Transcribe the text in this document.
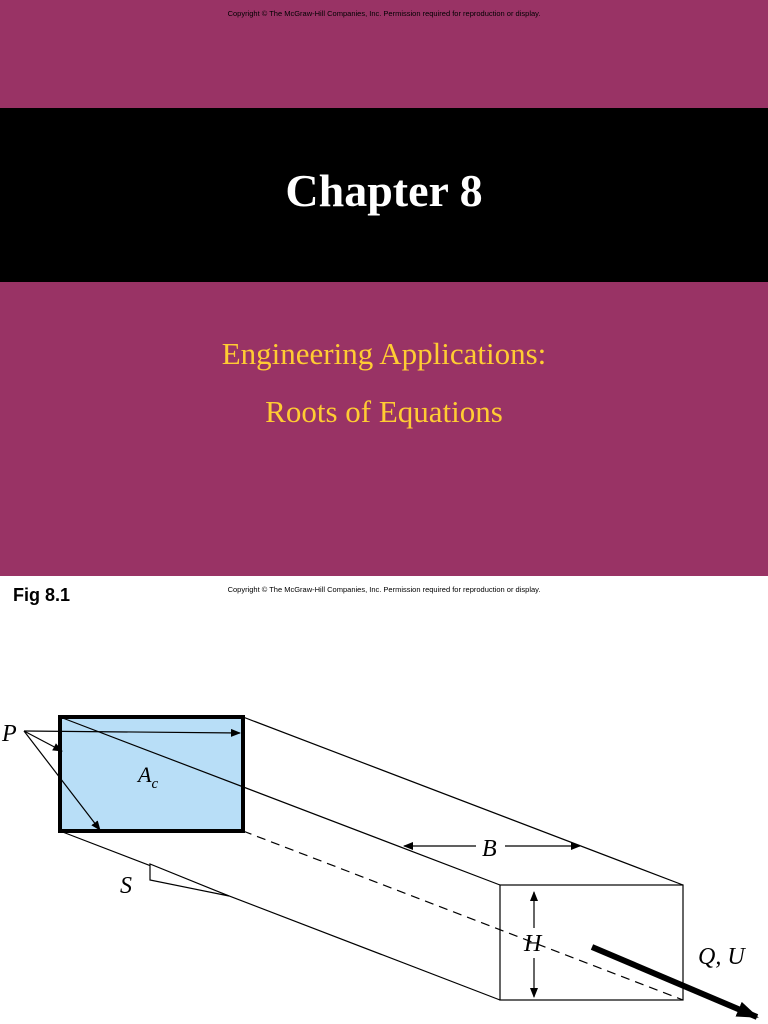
Copyright © The McGraw-Hill Companies, Inc. Permission required for reproduction or display.
Chapter 8
Engineering Applications:
Roots of Equations
Fig 8.1	Copyright © The McGraw-Hill Companies, Inc. Permission required for reproduction or display.
P
$A_c$
B
S
H	Q, U
